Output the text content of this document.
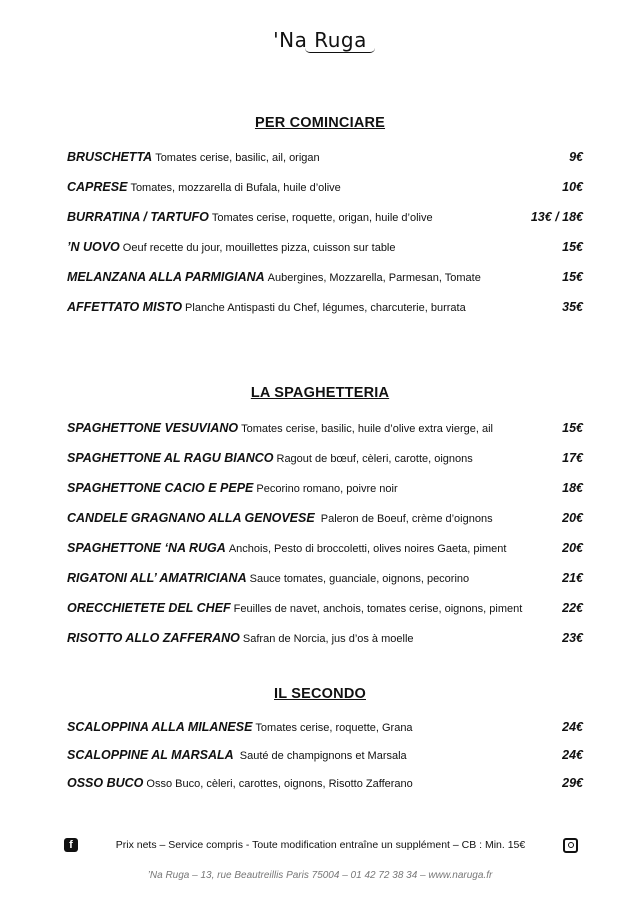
'Na Ruga
PER COMINCIARE
BRUSCHETTA Tomates cerise, basilic, ail, origan	9€
CAPRESE Tomates, mozzarella di Bufala, huile d’olive	10€
BURRATINA / TARTUFO Tomates cerise, roquette, origan, huile d’olive	13€ / 18€
’N UOVO Oeuf recette du jour, mouillettes pizza, cuisson sur table	15€
MELANZANA ALLA PARMIGIANA Aubergines, Mozzarella, Parmesan, Tomate	15€
AFFETTATO MISTO Planche Antispasti du Chef, légumes, charcuterie, burrata	35€
LA SPAGHETTERIA
SPAGHETTONE VESUVIANO Tomates cerise, basilic, huile d’olive extra vierge, ail	15€
SPAGHETTONE AL RAGU BIANCO Ragout de bœuf, cèleri, carotte, oignons	17€
SPAGHETTONE CACIO E PEPE Pecorino romano, poivre noir	18€
CANDELE GRAGNANO ALLA GENOVESE Paleron de Boeuf, crème d’oignons	20€
SPAGHETTONE ‘NA RUGA Anchois, Pesto di broccoletti, olives noires Gaeta, piment	20€
RIGATONI ALL’ AMATRICIANA Sauce tomates, guanciale, oignons, pecorino	21€
ORECCHIETETE DEL CHEF Feuilles de navet, anchois, tomates cerise, oignons, piment	22€
RISOTTO ALLO ZAFFERANO Safran de Norcia, jus d’os à moelle	23€
IL SECONDO
SCALOPPINA ALLA MILANESE Tomates cerise, roquette, Grana	24€
SCALOPPINE AL MARSALA Sauté de champignons et Marsala	24€
OSSO BUCO Osso Buco, cèleri, carottes, oignons, Risotto Zafferano	29€
f	Prix nets – Service compris - Toute modification entraîne un supplément – CB : Min. 15€
’Na Ruga – 13, rue Beautreillis Paris 75004 – 01 42 72 38 34 – www.naruga.fr
